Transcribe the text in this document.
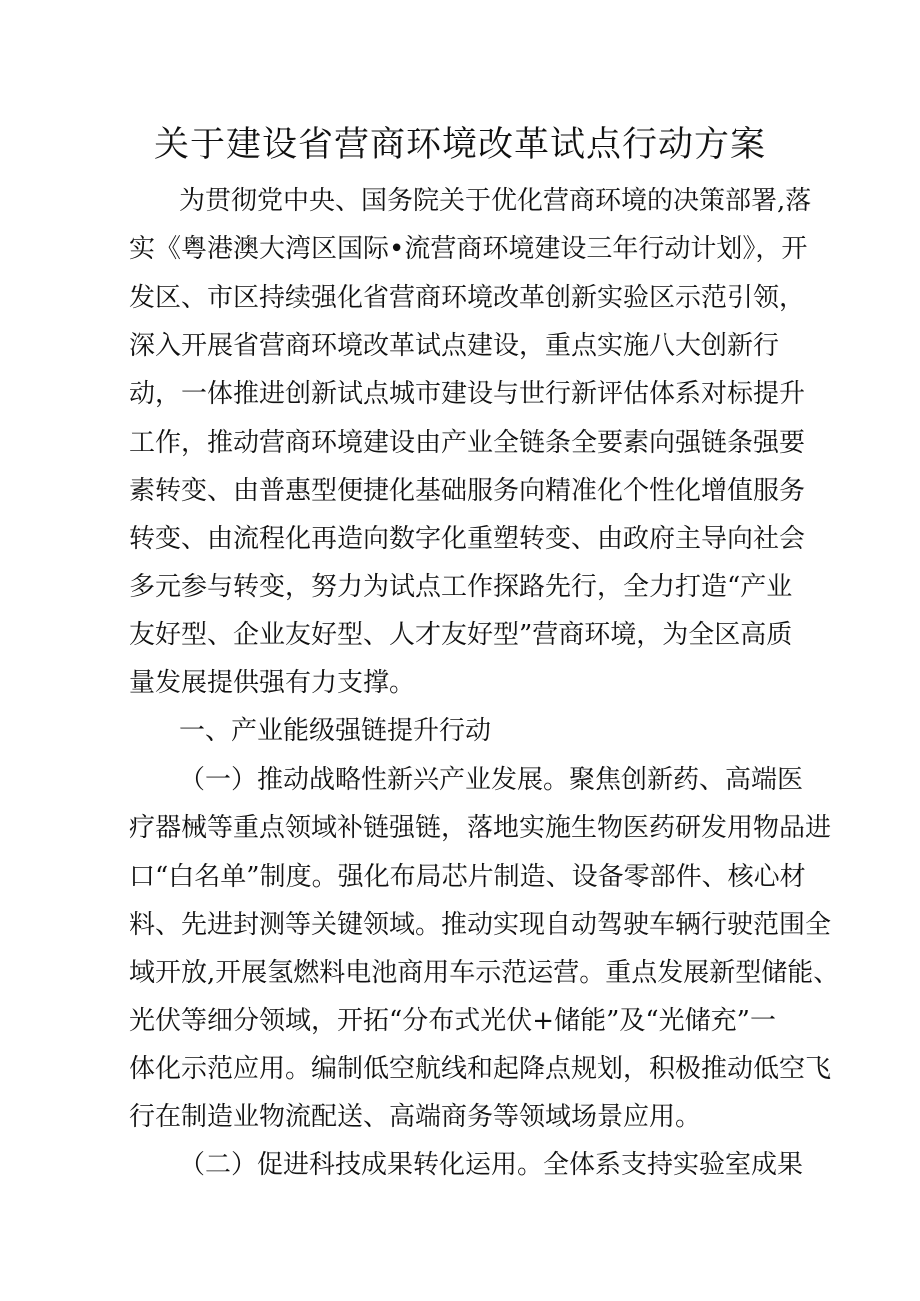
关于建设省营商环境改革试点行动方案
为贯彻党中央、国务院关于优化营商环境的决策部署,落
实《粤港澳大湾区国际•流营商环境建设三年行动计划》，开
发区、市区持续强化省营商环境改革创新实验区示范引领，
深入开展省营商环境改革试点建设，重点实施八大创新行
动，一体推进创新试点城市建设与世行新评估体系对标提升
工作，推动营商环境建设由产业全链条全要素向强链条强要
素转变、由普惠型便捷化基础服务向精准化个性化增值服务
转变、由流程化再造向数字化重塑转变、由政府主导向社会
多元参与转变，努力为试点工作探路先行，全力打造“产业
友好型、企业友好型、人才友好型”营商环境，为全区高质
量发展提供强有力支撑。
一、产业能级强链提升行动
（一）推动战略性新兴产业发展。聚焦创新药、高端医
疗器械等重点领域补链强链，落地实施生物医药研发用物品进
口“白名单”制度。强化布局芯片制造、设备零部件、核心材
料、先进封测等关键领域。推动实现自动驾驶车辆行驶范围全
域开放,开展氢燃料电池商用车示范运营。重点发展新型储能、
光伏等细分领域，开拓“分布式光伏+储能”及“光储充”一
体化示范应用。编制低空航线和起降点规划，积极推动低空飞
行在制造业物流配送、高端商务等领域场景应用。
（二）促进科技成果转化运用。全体系支持实验室成果
